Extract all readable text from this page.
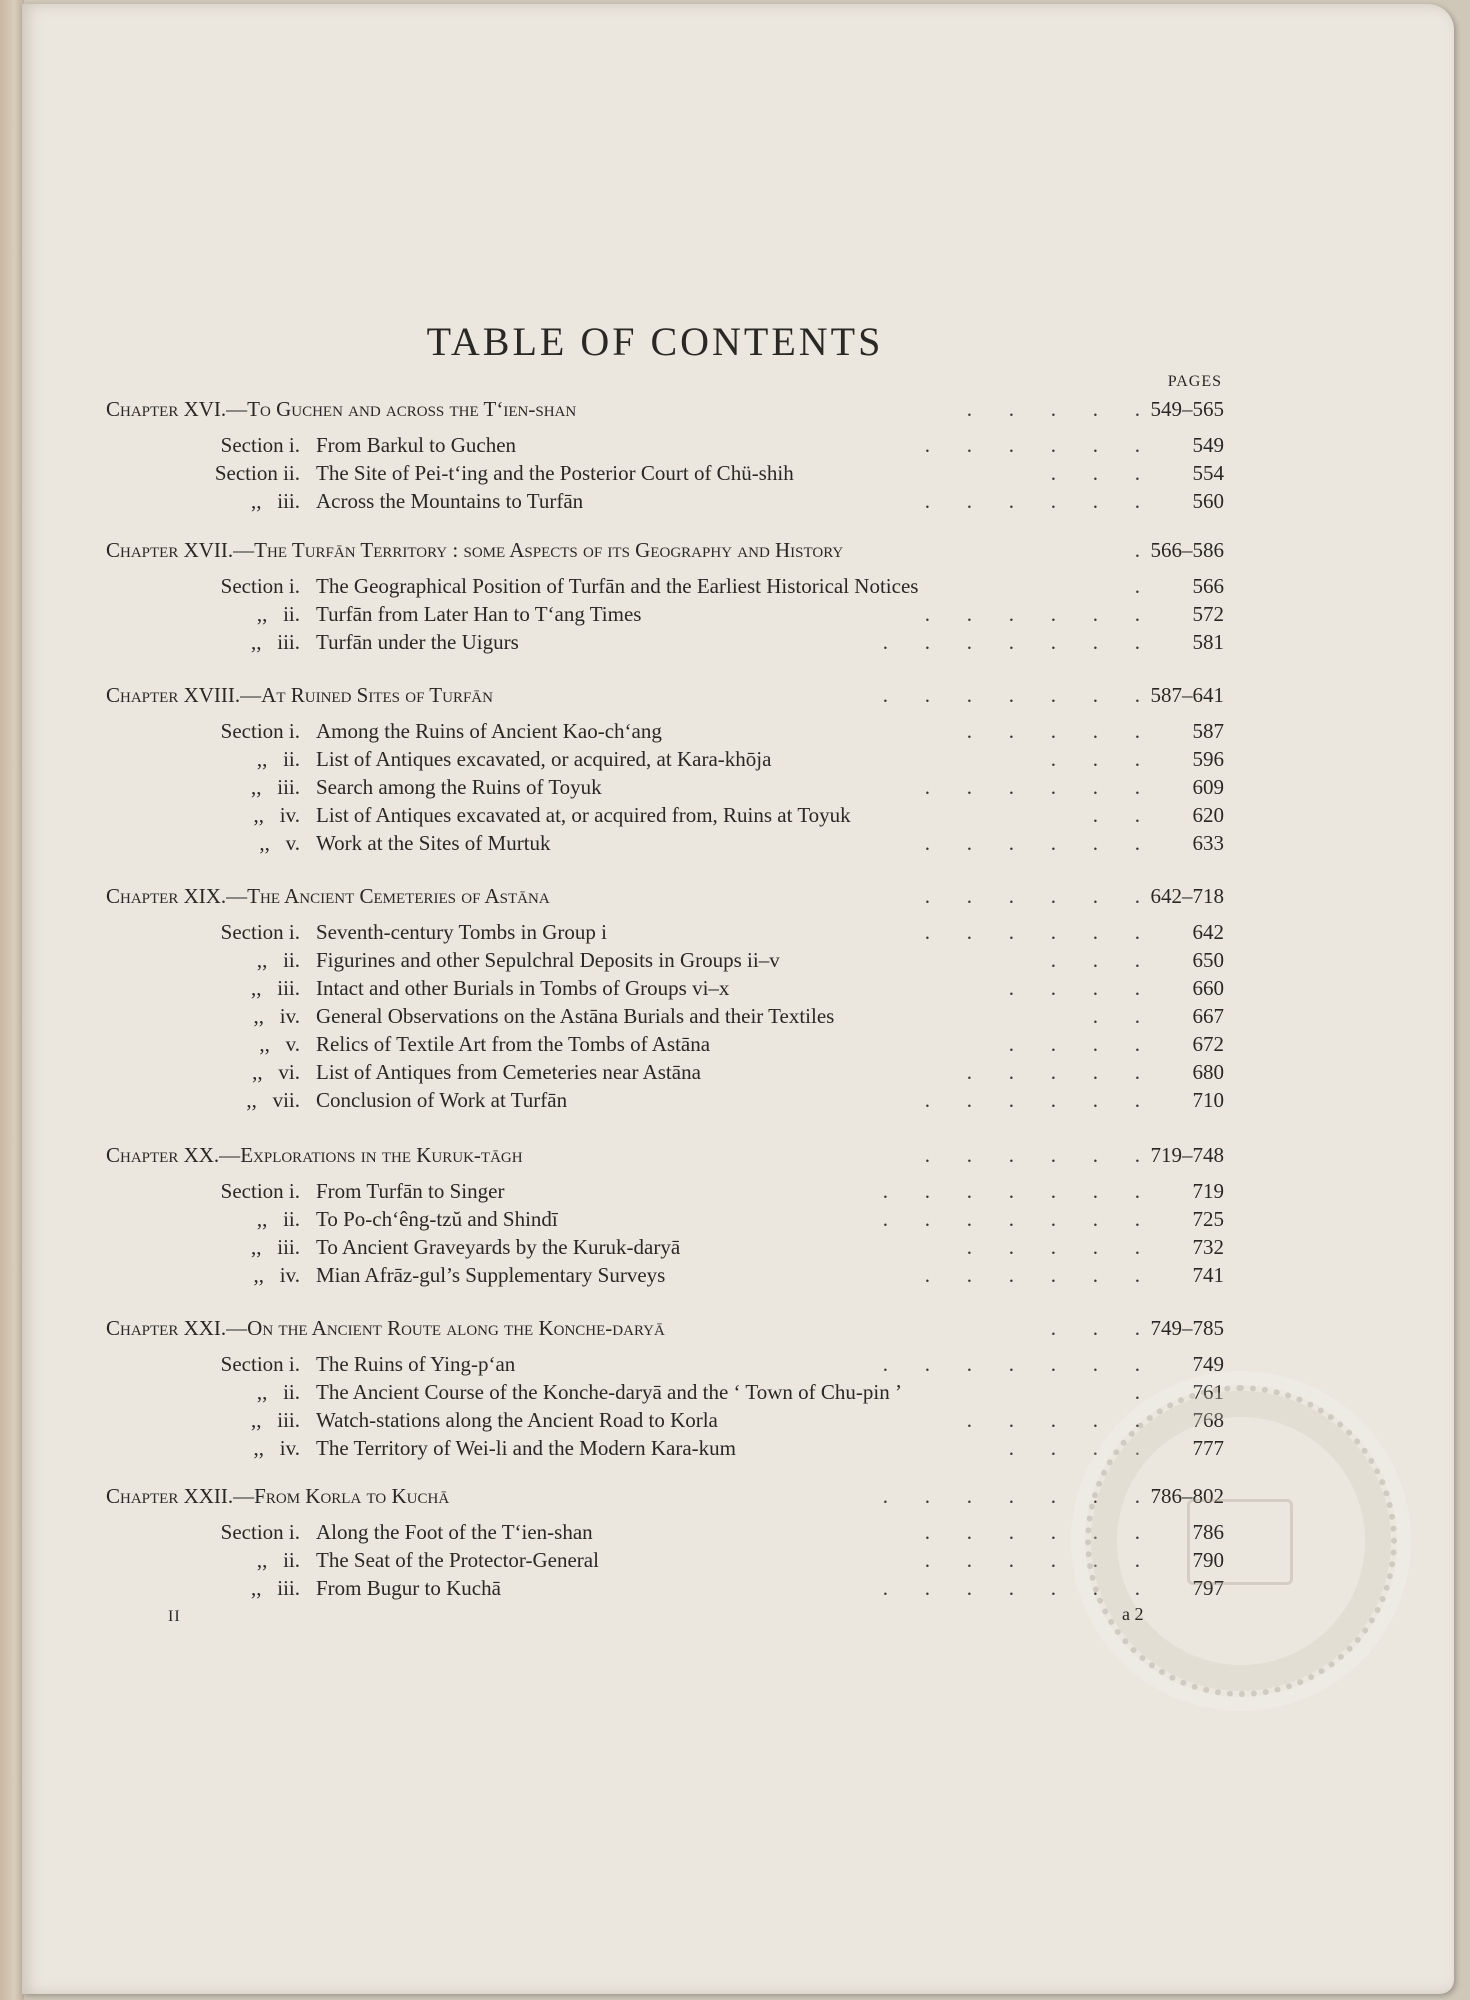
TABLE OF CONTENTS
PAGES
Chapter XVI.—To Guchen and across the Tʻien-shan	.       .       .       .       . 549–565
Section i. From Barkul to Guchen	.       .       .       .       .       .	549
Section ii. The Site of Pei-tʻing and the Posterior Court of Chü-shih	.       .       .	554
,,   iii. Across the Mountains to Turfān	.       .       .       .       .       .	560
Chapter XVII.—The Turfān Territory : some Aspects of its Geography and History	. 566–586
Section i. The Geographical Position of Turfān and the Earliest Historical Notices	.	566
,,   ii. Turfān from Later Han to Tʻang Times	.       .       .       .       .       .	572
,,   iii. Turfān under the Uigurs	.       .       .       .       .       .       .	581
Chapter XVIII.—At Ruined Sites of Turfān	.       .       .       .       .       .       . 587–641
Section i. Among the Ruins of Ancient Kao-chʻang	.       .       .       .       .	587
,,   ii. List of Antiques excavated, or acquired, at Kara-khōja	.       .       .	596
,,   iii. Search among the Ruins of Toyuk	.       .       .       .       .       .	609
,,   iv. List of Antiques excavated at, or acquired from, Ruins at Toyuk	.       .	620
,,   v. Work at the Sites of Murtuk	.       .       .       .       .       .	633
Chapter XIX.—The Ancient Cemeteries of Astāna	.       .       .       .       .       . 642–718
Section i. Seventh-century Tombs in Group i	.       .       .       .       .       .	642
,,   ii. Figurines and other Sepulchral Deposits in Groups ii–v	.       .       .	650
,,   iii. Intact and other Burials in Tombs of Groups vi–x	.       .       .       .	660
,,   iv. General Observations on the Astāna Burials and their Textiles	.       .	667
,,   v. Relics of Textile Art from the Tombs of Astāna	.       .       .       .	672
,,   vi. List of Antiques from Cemeteries near Astāna	.       .       .       .       .	680
,,   vii. Conclusion of Work at Turfān	.       .       .       .       .       .	710
Chapter XX.—Explorations in the Kuruk-tāgh	.       .       .       .       .       . 719–748
Section i. From Turfān to Singer	.       .       .       .       .       .       .	719
,,   ii. To Po-chʻêng-tzŭ and Shindī	.       .       .       .       .       .       .	725
,,   iii. To Ancient Graveyards by the Kuruk-daryā	.       .       .       .       .	732
,,   iv. Mian Afrāz-gul’s Supplementary Surveys	.       .       .       .       .       .	741
Chapter XXI.—On the Ancient Route along the Konche-daryā	.       .       . 749–785
Section i. The Ruins of Ying-pʻan	.       .       .       .       .       .       .	749
,,   ii. The Ancient Course of the Konche-daryā and the ‘ Town of Chu-pin ’	.	761
,,   iii. Watch-stations along the Ancient Road to Korla	.       .       .       .       .	768
,,   iv. The Territory of Wei-li and the Modern Kara-kum	.       .       .       .	777
Chapter XXII.—From Korla to Kuchā	.       .       .       .       .       .       . 786–802
Section i. Along the Foot of the Tʻien-shan	.       .       .       .       .       .	786
,,   ii. The Seat of the Protector-General	.       .       .       .       .       .	790
,,   iii. From Bugur to Kuchā	.       .       .       .       .       .       .	797
II	a 2
